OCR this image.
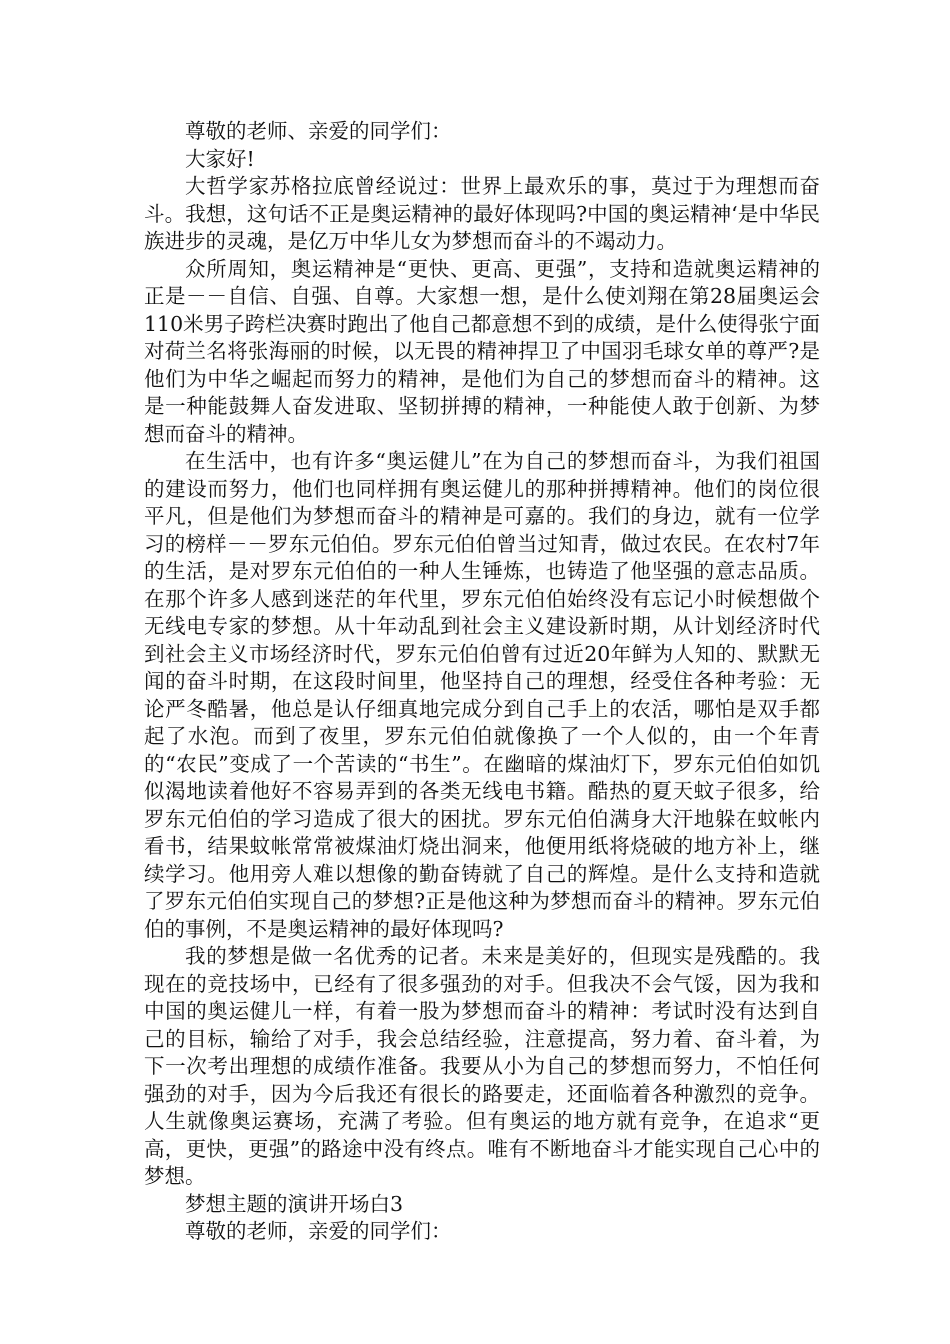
尊敬的老师、亲爱的同学们：

大家好!

大哲学家苏格拉底曾经说过：世界上最欢乐的事，莫过于为理想而奋斗。我想，这句话不正是奥运精神的最好体现吗?中国的奥运精神‘是中华民族进步的灵魂，是亿万中华儿女为梦想而奋斗的不竭动力。

众所周知，奥运精神是“更快、更高、更强”，支持和造就奥运精神的正是－－自信、自强、自尊。大家想一想，是什么使刘翔在第28届奥运会110米男子跨栏决赛时跑出了他自己都意想不到的成绩，是什么使得张宁面对荷兰名将张海丽的时候，以无畏的精神捍卫了中国羽毛球女单的尊严?是他们为中华之崛起而努力的精神，是他们为自己的梦想而奋斗的精神。这是一种能鼓舞人奋发进取、坚韧拼搏的精神，一种能使人敢于创新、为梦想而奋斗的精神。

在生活中，也有许多“奥运健儿”在为自己的梦想而奋斗，为我们祖国的建设而努力，他们也同样拥有奥运健儿的那种拼搏精神。他们的岗位很平凡，但是他们为梦想而奋斗的精神是可嘉的。我们的身边，就有一位学习的榜样－－罗东元伯伯。罗东元伯伯曾当过知青，做过农民。在农村7年的生活，是对罗东元伯伯的一种人生锤炼，也铸造了他坚强的意志品质。在那个许多人感到迷茫的年代里，罗东元伯伯始终没有忘记小时候想做个无线电专家的梦想。从十年动乱到社会主义建设新时期，从计划经济时代到社会主义市场经济时代，罗东元伯伯曾有过近20年鲜为人知的、默默无闻的奋斗时期，在这段时间里，他坚持自己的理想，经受住各种考验：无论严冬酷暑，他总是认仔细真地完成分到自己手上的农活，哪怕是双手都起了水泡。而到了夜里，罗东元伯伯就像换了一个人似的，由一个年青的“农民”变成了一个苦读的“书生”。在幽暗的煤油灯下，罗东元伯伯如饥似渴地读着他好不容易弄到的各类无线电书籍。酷热的夏天蚊子很多，给罗东元伯伯的学习造成了很大的困扰。罗东元伯伯满身大汗地躲在蚊帐内看书，结果蚊帐常常被煤油灯烧出洞来，他便用纸将烧破的地方补上，继续学习。他用旁人难以想像的勤奋铸就了自己的辉煌。是什么支持和造就了罗东元伯伯实现自己的梦想?正是他这种为梦想而奋斗的精神。罗东元伯伯的事例，不是奥运精神的最好体现吗?

我的梦想是做一名优秀的记者。未来是美好的，但现实是残酷的。我现在的竞技场中，已经有了很多强劲的对手。但我决不会气馁，因为我和中国的奥运健儿一样，有着一股为梦想而奋斗的精神：考试时没有达到自己的目标，输给了对手，我会总结经验，注意提高，努力着、奋斗着，为下一次考出理想的成绩作准备。我要从小为自己的梦想而努力，不怕任何强劲的对手，因为今后我还有很长的路要走，还面临着各种激烈的竞争。人生就像奥运赛场，充满了考验。但有奥运的地方就有竞争，在追求“更高，更快，更强”的路途中没有终点。唯有不断地奋斗才能实现自己心中的梦想。

梦想主题的演讲开场白3

尊敬的老师，亲爱的同学们：
